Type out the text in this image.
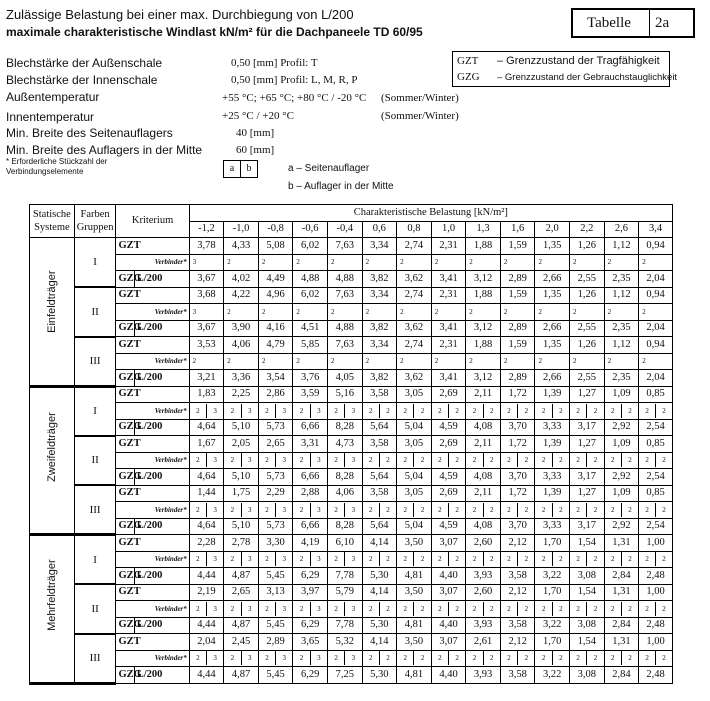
Zulässige Belastung bei einer max. Durchbiegung von L/200
maximale charakteristische Windlast kN/m² für die Dachpaneele TD 60/95
Tabelle 2a
GZT – Grenzzustand der Tragfähigkeit
GZG – Grenzzustand der Gebrauchstauglichkeit
Blechstärke der Außenschale	0,50 [mm] Profil: T
Blechstärke der Innenschale	0,50 [mm] Profil: L, M, R, P
Außentemperatur	+55 °C; +65 °C; +80 °C / -20 °C (Sommer/Winter)
Innentemperatur	+25 °C / +20 °C	(Sommer/Winter)
Min. Breite des Seitenauflagers	40 [mm]
Min. Breite des Auflagers in der Mitte	60 [mm]
* Erforderliche Stückzahl der Verbindungselemente	a	b	a – Seitenauflager
b – Auflager in der Mitte
Statische Systeme	Farben Gruppen	Kriterium		Charakteristische Belastung [kN/m²]													
				-1,2	-1,0	-0,8	-0,6	-0,4	0,6	0,8	1,0	1,3	1,6	2,0	2,2	2,6	3,4

Einfeldträger	I	GZT		3,78	4,33	5,08	6,02	7,63	3,34	2,74	2,31	1,88	1,59	1,35	1,26	1,12	0,94
		Verbinder*		3	2	2	2	2	2	2	2	2	2	2	2	2	2

		GZG	L/200	3,67	4,02	4,49	4,88	4,88	3,82	3,62	3,41	3,12	2,89	2,66	2,55	2,35	2,04
	II	GZT		3,68	4,22	4,96	6,02	7,63	3,34	2,74	2,31	1,88	1,59	1,35	1,26	1,12	0,94
		Verbinder*		3	2	2	2	2	2	2	2	2	2	2	2	2	2

		GZG	L/200	3,67	3,90	4,16	4,51	4,88	3,82	3,62	3,41	3,12	2,89	2,66	2,55	2,35	2,04
	III	GZT		3,53	4,06	4,79	5,85	7,63	3,34	2,74	2,31	1,88	1,59	1,35	1,26	1,12	0,94
		Verbinder*		2	2	2	2	2	2	2	2	2	2	2	2	2	2

		GZG	L/200	3,21	3,36	3,54	3,76	4,05	3,82	3,62	3,41	3,12	2,89	2,66	2,55	2,35	2,04

Zweifeldträger	I	GZT		1,83	2,25	2,86	3,59	5,16	3,58	3,05	2,69	2,11	1,72	1,39	1,27	1,09	0,85
		Verbinder*		2 3	2 3	2 3	2 3	2 3	2 2	2 2	2 2	2 2	2 2	2 2	2 2	2 2	2 2

		GZG	L/200	4,64	5,10	5,73	6,66	8,28	5,64	5,04	4,59	4,08	3,70	3,33	3,17	2,92	2,54
	II	GZT		1,67	2,05	2,65	3,31	4,73	3,58	3,05	2,69	2,11	1,72	1,39	1,27	1,09	0,85
		Verbinder*		2 3	2 3	2 3	2 3	2 3	2 2	2 2	2 2	2 2	2 2	2 2	2 2	2 2	2 2

		GZG	L/200	4,64	5,10	5,73	6,66	8,28	5,64	5,04	4,59	4,08	3,70	3,33	3,17	2,92	2,54
	III	GZT		1,44	1,75	2,29	2,88	4,06	3,58	3,05	2,69	2,11	1,72	1,39	1,27	1,09	0,85
		Verbinder*		2 3	2 3	2 3	2 3	2 3	2 2	2 2	2 2	2 2	2 2	2 2	2 2	2 2	2 2

		GZG	L/200	4,64	5,10	5,73	6,66	8,28	5,64	5,04	4,59	4,08	3,70	3,33	3,17	2,92	2,54

Mehrfeldträger	I	GZT		2,28	2,78	3,30	4,19	6,10	4,14	3,50	3,07	2,60	2,12	1,70	1,54	1,31	1,00
		Verbinder*		2 3	2 3	2 3	2 3	2 3	2 2	2 2	2 2	2 2	2 2	2 2	2 2	2 2	2 2

		GZG	L/200	4,44	4,87	5,45	6,29	7,78	5,30	4,81	4,40	3,93	3,58	3,22	3,08	2,84	2,48
	II	GZT		2,19	2,65	3,13	3,97	5,79	4,14	3,50	3,07	2,60	2,12	1,70	1,54	1,31	1,00
		Verbinder*		2 3	2 3	2 3	2 3	2 3	2 2	2 2	2 2	2 2	2 2	2 2	2 2	2 2	2 2

		GZG	L/200	4,44	4,87	5,45	6,29	7,78	5,30	4,81	4,40	3,93	3,58	3,22	3,08	2,84	2,48
	III	GZT		2,04	2,45	2,89	3,65	5,32	4,14	3,50	3,07	2,61	2,12	1,70	1,54	1,31	1,00
		Verbinder*		2 3	2 3	2 3	2 3	2 3	2 2	2 2	2 2	2 2	2 2	2 2	2 2	2 2	2 2

		GZG	L/200	4,44	4,87	5,45	6,29	7,25	5,30	4,81	4,40	3,93	3,58	3,22	3,08	2,84	2,48
